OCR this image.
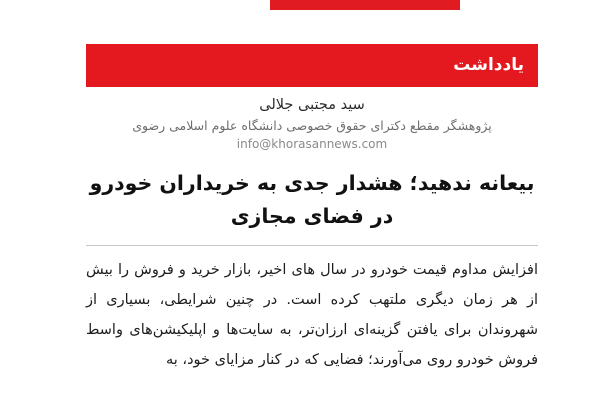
یادداشت
سید مجتبی جلالی
پژوهشگر مقطع دکترای حقوق خصوصی دانشگاه علوم اسلامی رضوی
info@khorasannews.com
بیعانه ندهید؛ هشدار جدی به خریداران خودرو
در فضای مجازی

افزایش مداوم قیمت خودرو در سال های اخیر، بازار خرید و فروش را بیش از هر زمان دیگری ملتهب کرده است. در چنین شرایطی، بسیاری از شهروندان برای یافتن گزینه‌ای ارزان‌تر، به سایت‌ها و اپلیکیشن‌های واسط فروش خودرو روی می‌آورند؛ فضایی که در کنار مزایای خود، به
